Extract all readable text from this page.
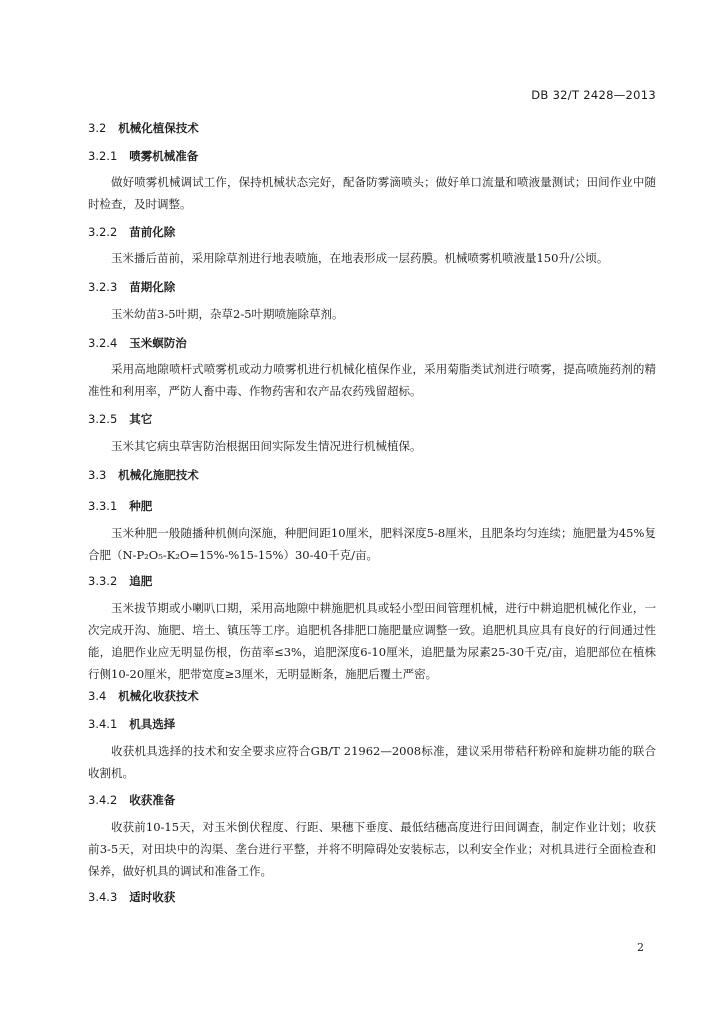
DB 32/T 2428—2013
3.2 机械化植保技术
3.2.1 喷雾机械准备
做好喷雾机械调试工作，保持机械状态完好，配备防雾滴喷头；做好单口流量和喷液量测试；田间作业中随时检查，及时调整。
3.2.2 苗前化除
玉米播后苗前，采用除草剂进行地表喷施，在地表形成一层药膜。机械喷雾机喷液量150升/公顷。
3.2.3 苗期化除
玉米幼苗3-5叶期，杂草2-5叶期喷施除草剂。
3.2.4 玉米螟防治
采用高地隙喷杆式喷雾机或动力喷雾机进行机械化植保作业，采用菊脂类试剂进行喷雾，提高喷施药剂的精准性和利用率，严防人畜中毒、作物药害和农产品农药残留超标。
3.2.5 其它
玉米其它病虫草害防治根据田间实际发生情况进行机械植保。
3.3 机械化施肥技术
3.3.1 种肥
玉米种肥一般随播种机侧向深施，种肥间距10厘米，肥料深度5-8厘米，且肥条均匀连续；施肥量为45%复合肥（N-P₂O₅-K₂O=15%-%15-15%）30-40千克/亩。
3.3.2 追肥
玉米拔节期或小喇叭口期，采用高地隙中耕施肥机具或轻小型田间管理机械，进行中耕追肥机械化作业，一次完成开沟、施肥、培土、镇压等工序。追肥机各排肥口施肥量应调整一致。追肥机具应具有良好的行间通过性能，追肥作业应无明显伤根，伤苗率≤3%，追肥深度6-10厘米，追肥量为尿素25-30千克/亩，追肥部位在植株行侧10-20厘米，肥带宽度≥3厘米，无明显断条，施肥后覆土严密。
3.4 机械化收获技术
3.4.1 机具选择
收获机具选择的技术和安全要求应符合GB/T 21962—2008标准，建议采用带秸秆粉碎和旋耕功能的联合收割机。
3.4.2 收获准备
收获前10-15天，对玉米倒伏程度、行距、果穗下垂度、最低结穗高度进行田间调查，制定作业计划；收获前3-5天，对田块中的沟渠、垄台进行平整，并将不明障碍处安装标志，以利安全作业；对机具进行全面检查和保养，做好机具的调试和准备工作。
3.4.3 适时收获
2
